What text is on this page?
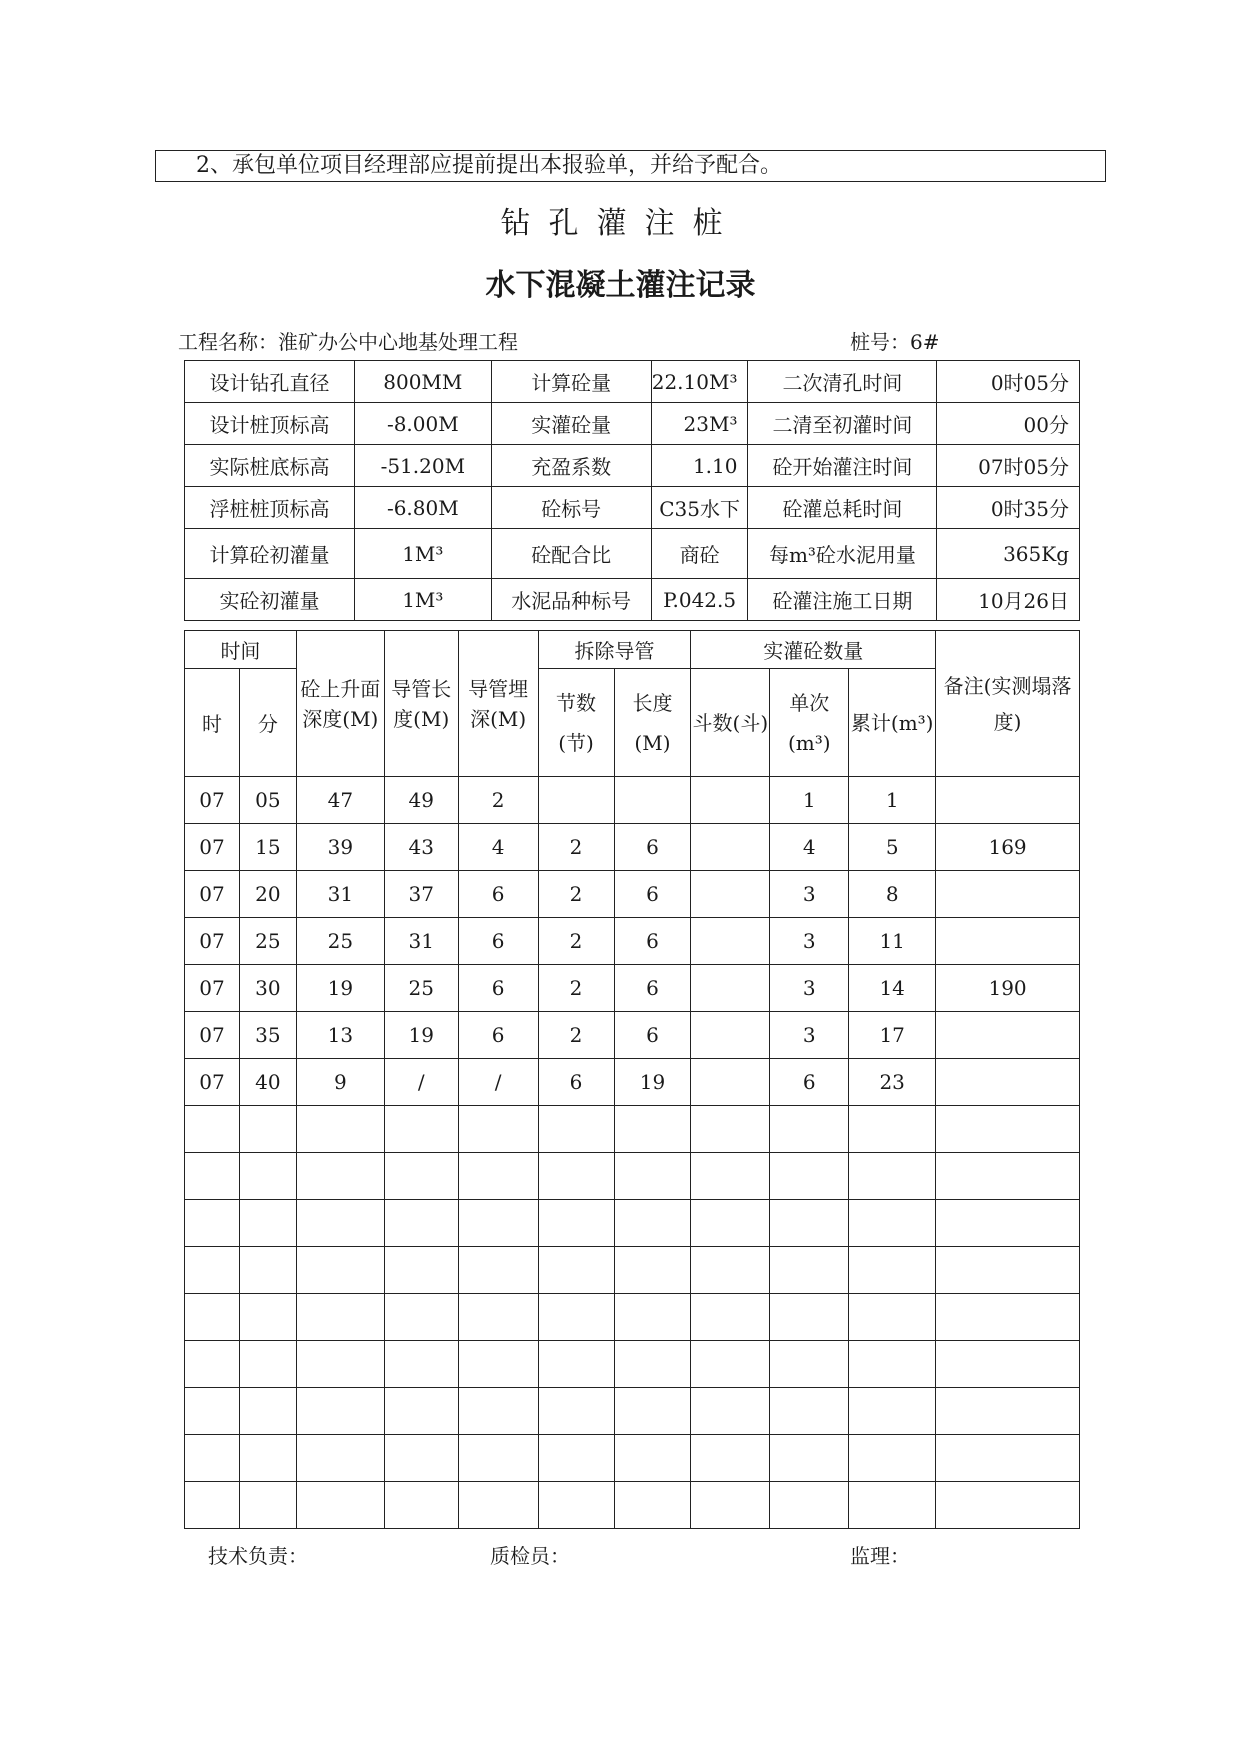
2、承包单位项目经理部应提前提出本报验单，并给予配合。
钻孔灌注桩
水下混凝土灌注记录
工程名称：淮矿办公中心地基处理工程	桩号：6#
设计钻孔直径	800MM	计算砼量	22.10M³	二次清孔时间	0时05分
设计桩顶标高	-8.00M	实灌砼量	23M³	二清至初灌时间	00分
实际桩底标高	-51.20M	充盈系数	1.10	砼开始灌注时间	07时05分
浮桩桩顶标高	-6.80M	砼标号	C35水下	砼灌总耗时间	0时35分
计算砼初灌量	1M³	砼配合比	商砼	每m³砼水泥用量	365Kg
实砼初灌量	1M³	水泥品种标号	P.042.5	砼灌注施工日期	10月26日
时间		砼上升面深度(M)	导管长度(M)	导管埋深(M)	拆除导管		实灌砼数量			备注(实测塌落度)
时	分				节数(节)	长度(M)	斗数(斗)	单次(m³)	累计(m³)	

07	05	47	49	2				1	1	
07	15	39	43	4	2	6		4	5	169
07	20	31	37	6	2	6		3	8	
07	25	25	31	6	2	6		3	11	
07	30	19	25	6	2	6		3	14	190
07	35	13	19	6	2	6		3	17	
07	40	9	/	/	6	19		6	23	

技术负责：	质检员：	监理：
